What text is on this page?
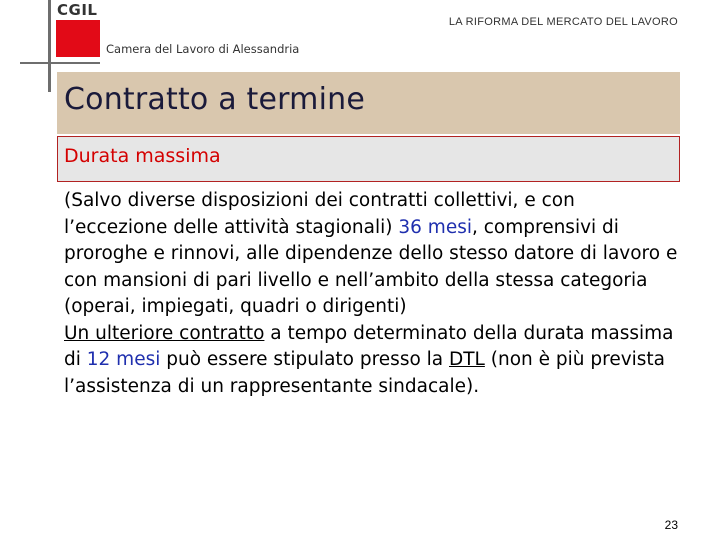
CGIL
Camera del Lavoro di Alessandria
LA RIFORMA DEL MERCATO DEL LAVORO
Contratto a termine
Durata massima

(Salvo diverse disposizioni dei contratti collettivi, e con l’eccezione delle attività stagionali) 36 mesi, comprensivi di proroghe e rinnovi, alle dipendenze dello stesso datore di lavoro e con mansioni di pari livello e nell’ambito della stessa categoria (operai, impiegati, quadri o dirigenti)

Un ulteriore contratto a tempo determinato della durata massima di 12 mesi può essere stipulato presso la DTL (non è più prevista l’assistenza di un rappresentante sindacale).

23
